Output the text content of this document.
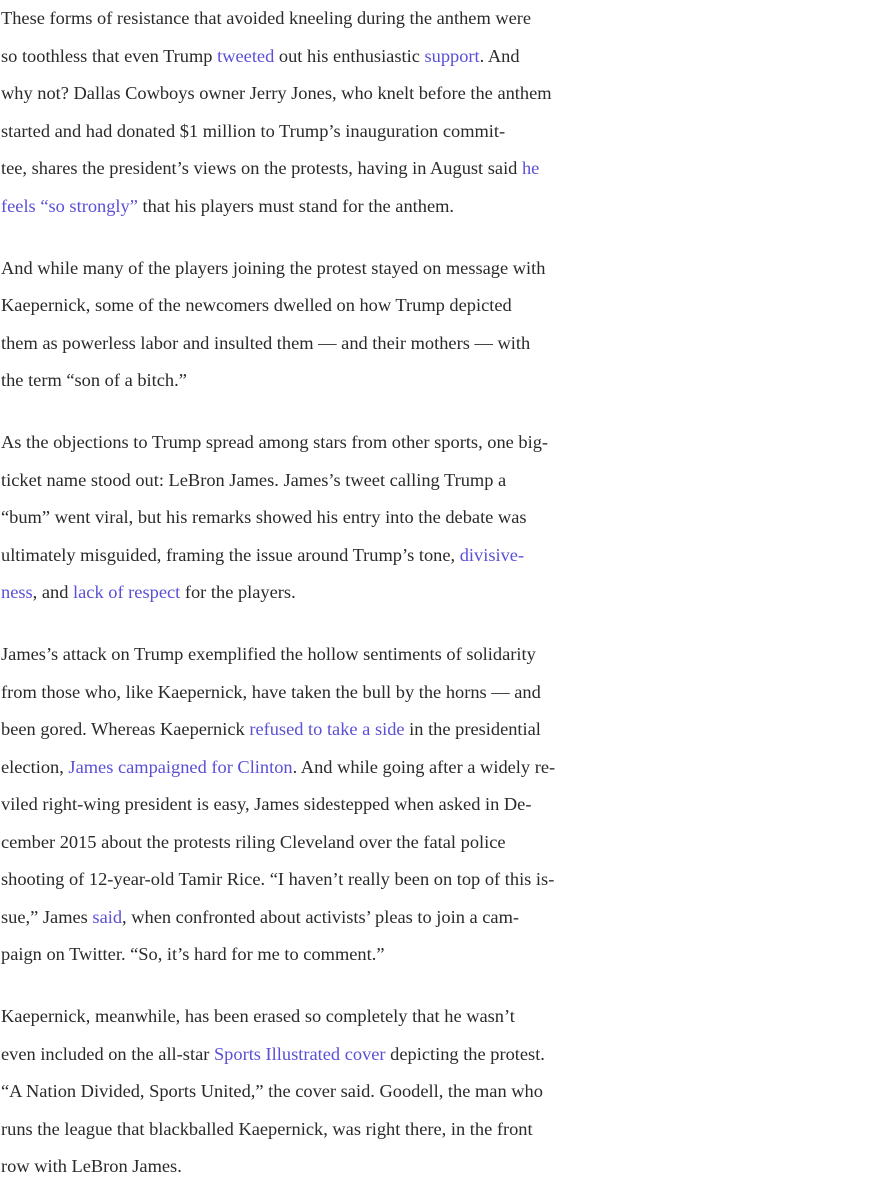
These forms of resistance that avoided kneeling during the anthem were
so toothless that even Trump tweeted out his enthusiastic support. And
why not? Dallas Cowboys owner Jerry Jones, who knelt before the anthem
started and had donated $1 million to Trump’s inauguration commit-
tee, shares the president’s views on the protests, having in August said he
feels “so strongly” that his players must stand for the anthem.

And while many of the players joining the protest stayed on message with
Kaepernick, some of the newcomers dwelled on how Trump depicted
them as powerless labor and insulted them — and their mothers — with
the term “son of a bitch.”

As the objections to Trump spread among stars from other sports, one big-
ticket name stood out: LeBron James. James’s tweet calling Trump a
“bum” went viral, but his remarks showed his entry into the debate was
ultimately misguided, framing the issue around Trump’s tone, divisive-
ness, and lack of respect for the players.

James’s attack on Trump exemplified the hollow sentiments of solidarity
from those who, like Kaepernick, have taken the bull by the horns — and
been gored. Whereas Kaepernick refused to take a side in the presidential
election, James campaigned for Clinton. And while going after a widely re-
viled right-wing president is easy, James sidestepped when asked in De-
cember 2015 about the protests riling Cleveland over the fatal police
shooting of 12-year-old Tamir Rice. “I haven’t really been on top of this is-
sue,” James said, when confronted about activists’ pleas to join a cam-
paign on Twitter. “So, it’s hard for me to comment.”

Kaepernick, meanwhile, has been erased so completely that he wasn’t
even included on the all-star Sports Illustrated cover depicting the protest.
“A Nation Divided, Sports United,” the cover said. Goodell, the man who
runs the league that blackballed Kaepernick, was right there, in the front
row with LeBron James.
